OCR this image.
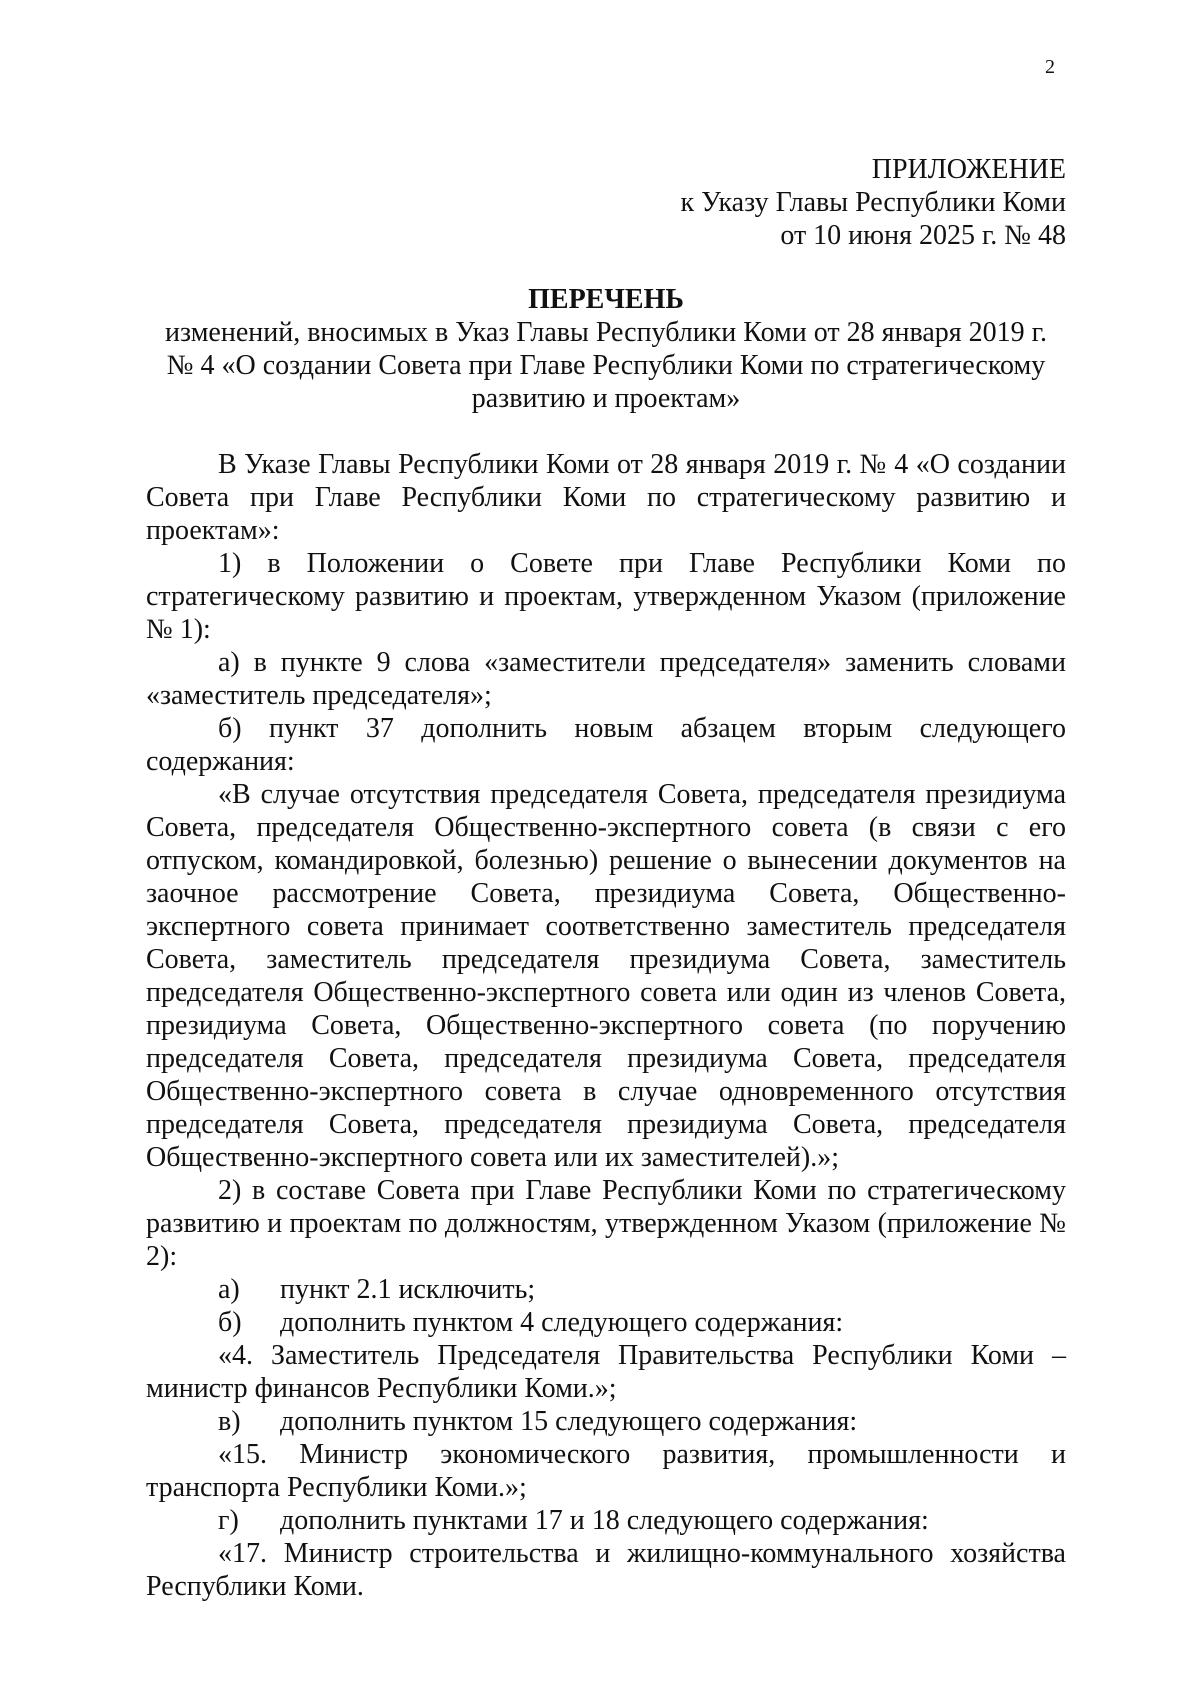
2
ПРИЛОЖЕНИЕ
к Указу Главы Республики Коми
от 10 июня 2025 г. № 48
ПЕРЕЧЕНЬ
изменений, вносимых в Указ Главы Республики Коми от 28 января 2019 г.
№ 4 «О создании Совета при Главе Республики Коми по стратегическому
развитию и проектам»

В Указе Главы Республики Коми от 28 января 2019 г. № 4 «О создании Совета при Главе Республики Коми по стратегическому развитию и проектам»:

1) в Положении о Совете при Главе Республики Коми по стратегическому развитию и проектам, утвержденном Указом (приложение № 1):

а) в пункте 9 слова «заместители председателя» заменить словами «заместитель председателя»;

б) пункт 37 дополнить новым абзацем вторым следующего содержания:

«В случае отсутствия председателя Совета, председателя президиума Совета, председателя Общественно-экспертного совета (в связи с его отпуском, командировкой, болезнью) решение о вынесении документов на заочное рассмотрение Совета, президиума Совета, Общественно-экспертного совета принимает соответственно заместитель председателя Совета, заместитель председателя президиума Совета, заместитель председателя Общественно-экспертного совета или один из членов Совета, президиума Совета, Общественно-экспертного совета (по поручению председателя Совета, председателя президиума Совета, председателя Общественно-экспертного совета в случае одновременного отсутствия председателя Совета, председателя президиума Совета, председателя Общественно-экспертного совета или их заместителей).»;

2) в составе Совета при Главе Республики Коми по стратегическому развитию и проектам по должностям, утвержденном Указом (приложение № 2):

а) пункт 2.1 исключить;

б) дополнить пунктом 4 следующего содержания:

«4. Заместитель Председателя Правительства Республики Коми – министр финансов Республики Коми.»;

в) дополнить пунктом 15 следующего содержания:

«15. Министр экономического развития, промышленности и транспорта Республики Коми.»;

г) дополнить пунктами 17 и 18 следующего содержания:

«17. Министр строительства и жилищно-коммунального хозяйства Республики Коми.
